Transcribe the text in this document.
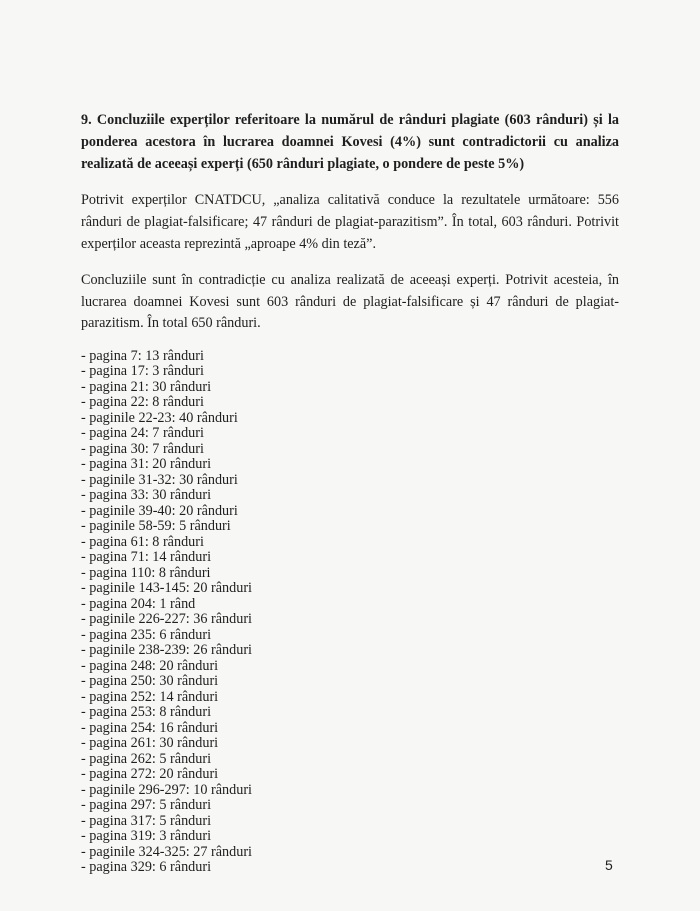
9. Concluziile experților referitoare la numărul de rânduri plagiate (603 rânduri) și la ponderea acestora în lucrarea doamnei Kovesi (4%) sunt contradictorii cu analiza realizată de aceeași experți (650 rânduri plagiate, o pondere de peste 5%)

Potrivit experților CNATDCU, „analiza calitativă conduce la rezultatele următoare: 556 rânduri de plagiat-falsificare; 47 rânduri de plagiat-parazitism”. În total, 603 rânduri. Potrivit experților aceasta reprezintă „aproape 4% din teză”.

Concluziile sunt în contradicție cu analiza realizată de aceeași experți. Potrivit acesteia, în lucrarea doamnei Kovesi sunt 603 rânduri de plagiat-falsificare și 47 rânduri de plagiat-parazitism. În total 650 rânduri.

- pagina 7: 13 rânduri
- pagina 17: 3 rânduri
- pagina 21: 30 rânduri
- pagina 22: 8 rânduri
- paginile 22-23: 40 rânduri
- pagina 24: 7 rânduri
- pagina 30: 7 rânduri
- pagina 31: 20 rânduri
- paginile 31-32: 30 rânduri
- pagina 33: 30 rânduri
- paginile 39-40: 20 rânduri
- paginile 58-59: 5 rânduri
- pagina 61: 8 rânduri
- pagina 71: 14 rânduri
- pagina 110: 8 rânduri
- paginile 143-145: 20 rânduri
- pagina 204: 1 rând
- paginile 226-227: 36 rânduri
- pagina 235: 6 rânduri
- paginile 238-239: 26 rânduri
- pagina 248: 20 rânduri
- pagina 250: 30 rânduri
- pagina 252: 14 rânduri
- pagina 253: 8 rânduri
- pagina 254: 16 rânduri
- pagina 261: 30 rânduri
- pagina 262: 5 rânduri
- pagina 272: 20 rânduri
- paginile 296-297: 10 rânduri
- pagina 297: 5 rânduri
- pagina 317: 5 rânduri
- pagina 319: 3 rânduri
- paginile 324-325: 27 rânduri
- pagina 329: 6 rânduri	5
